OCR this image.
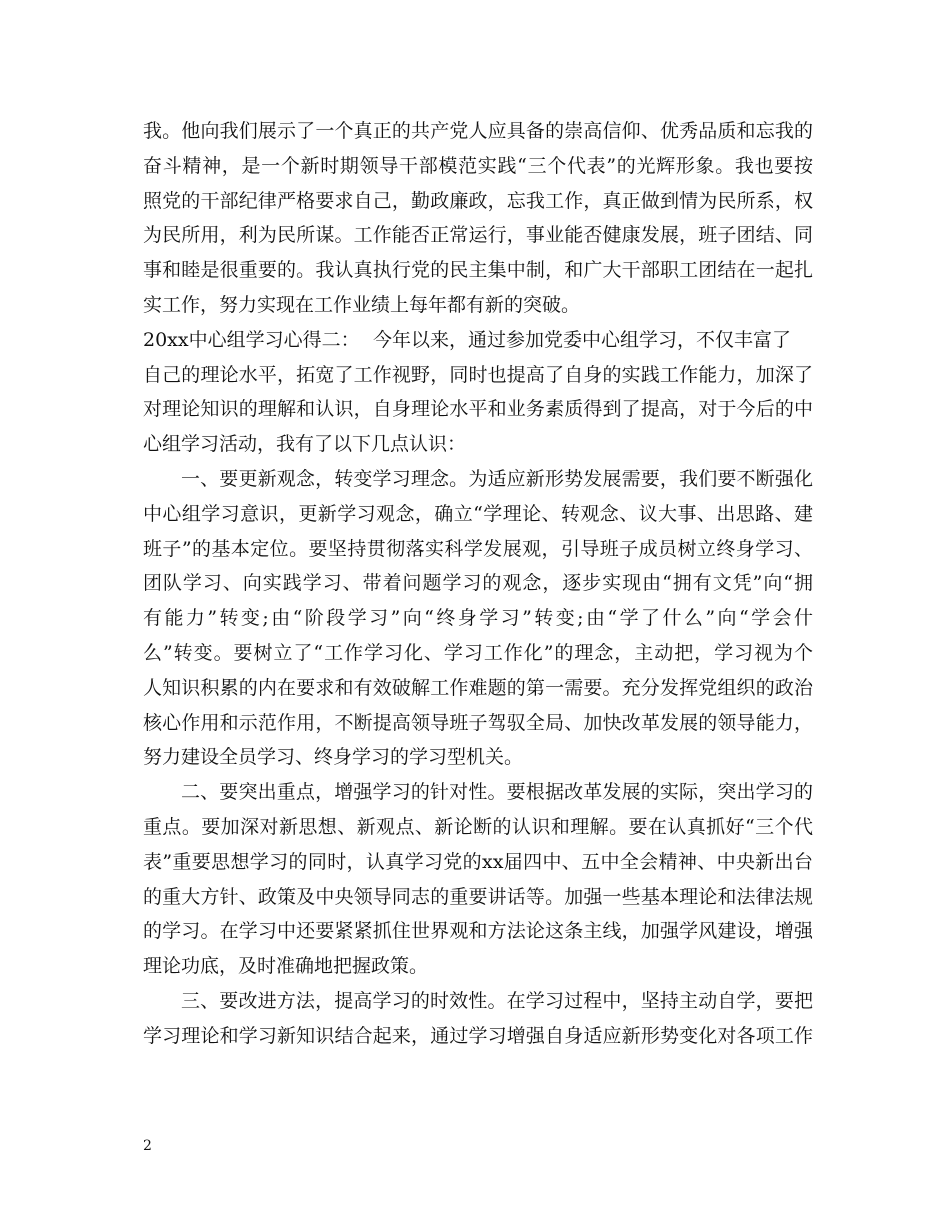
我。他向我们展示了一个真正的共产党人应具备的崇高信仰、优秀品质和忘我的
奋斗精神，是一个新时期领导干部模范实践“三个代表”的光辉形象。我也要按
照党的干部纪律严格要求自己，勤政廉政，忘我工作，真正做到情为民所系，权
为民所用，利为民所谋。工作能否正常运行，事业能否健康发展，班子团结、同
事和睦是很重要的。我认真执行党的民主集中制，和广大干部职工团结在一起扎
实工作，努力实现在工作业绩上每年都有新的突破。
20xx中心组学习心得二： 今年以来，通过参加党委中心组学习，不仅丰富了
自己的理论水平，拓宽了工作视野，同时也提高了自身的实践工作能力，加深了
对理论知识的理解和认识，自身理论水平和业务素质得到了提高，对于今后的中
心组学习活动，我有了以下几点认识：
一、要更新观念，转变学习理念。为适应新形势发展需要，我们要不断强化
中心组学习意识，更新学习观念，确立“学理论、转观念、议大事、出思路、建
班子”的基本定位。要坚持贯彻落实科学发展观，引导班子成员树立终身学习、
团队学习、向实践学习、带着问题学习的观念，逐步实现由“拥有文凭”向“拥
有能力”转变;由“阶段学习”向“终身学习”转变;由“学了什么”向“学会什
么”转变。要树立了“工作学习化、学习工作化”的理念，主动把，学习视为个
人知识积累的内在要求和有效破解工作难题的第一需要。充分发挥党组织的政治
核心作用和示范作用，不断提高领导班子驾驭全局、加快改革发展的领导能力，
努力建设全员学习、终身学习的学习型机关。
二、要突出重点，增强学习的针对性。要根据改革发展的实际，突出学习的
重点。要加深对新思想、新观点、新论断的认识和理解。要在认真抓好“三个代
表”重要思想学习的同时，认真学习党的xx届四中、五中全会精神、中央新出台
的重大方针、政策及中央领导同志的重要讲话等。加强一些基本理论和法律法规
的学习。在学习中还要紧紧抓住世界观和方法论这条主线，加强学风建设，增强
理论功底，及时准确地把握政策。
三、要改进方法，提高学习的时效性。在学习过程中，坚持主动自学，要把
学习理论和学习新知识结合起来，通过学习增强自身适应新形势变化对各项工作
2
